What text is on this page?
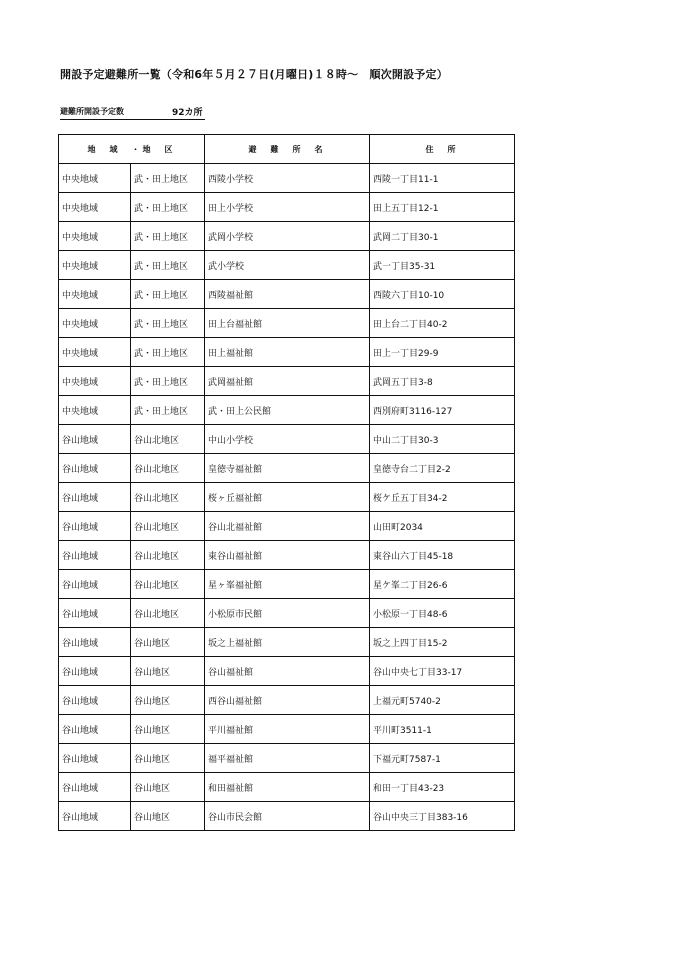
開設予定避難所一覧（令和6年５月２７日(月曜日)１８時～　順次開設予定）
避難所開設予定数	92カ所
地　域　・地　区		避　難　所　名	住　所
中央地域	武・田上地区	西陵小学校	西陵一丁目11-1
中央地域	武・田上地区	田上小学校	田上五丁目12-1
中央地域	武・田上地区	武岡小学校	武岡二丁目30-1
中央地域	武・田上地区	武小学校	武一丁目35-31
中央地域	武・田上地区	西陵福祉館	西陵六丁目10-10
中央地域	武・田上地区	田上台福祉館	田上台二丁目40-2
中央地域	武・田上地区	田上福祉館	田上一丁目29-9
中央地域	武・田上地区	武岡福祉館	武岡五丁目3-8
中央地域	武・田上地区	武・田上公民館	西別府町3116-127
谷山地域	谷山北地区	中山小学校	中山二丁目30-3
谷山地域	谷山北地区	皇徳寺福祉館	皇徳寺台二丁目2-2
谷山地域	谷山北地区	桜ヶ丘福祉館	桜ケ丘五丁目34-2
谷山地域	谷山北地区	谷山北福祉館	山田町2034
谷山地域	谷山北地区	東谷山福祉館	東谷山六丁目45-18
谷山地域	谷山北地区	星ヶ峯福祉館	星ケ峯二丁目26-6
谷山地域	谷山北地区	小松原市民館	小松原一丁目48-6
谷山地域	谷山地区	坂之上福祉館	坂之上四丁目15-2
谷山地域	谷山地区	谷山福祉館	谷山中央七丁目33-17
谷山地域	谷山地区	西谷山福祉館	上福元町5740-2
谷山地域	谷山地区	平川福祉館	平川町3511-1
谷山地域	谷山地区	福平福祉館	下福元町7587-1
谷山地域	谷山地区	和田福祉館	和田一丁目43-23
谷山地域	谷山地区	谷山市民会館	谷山中央三丁目383-16
